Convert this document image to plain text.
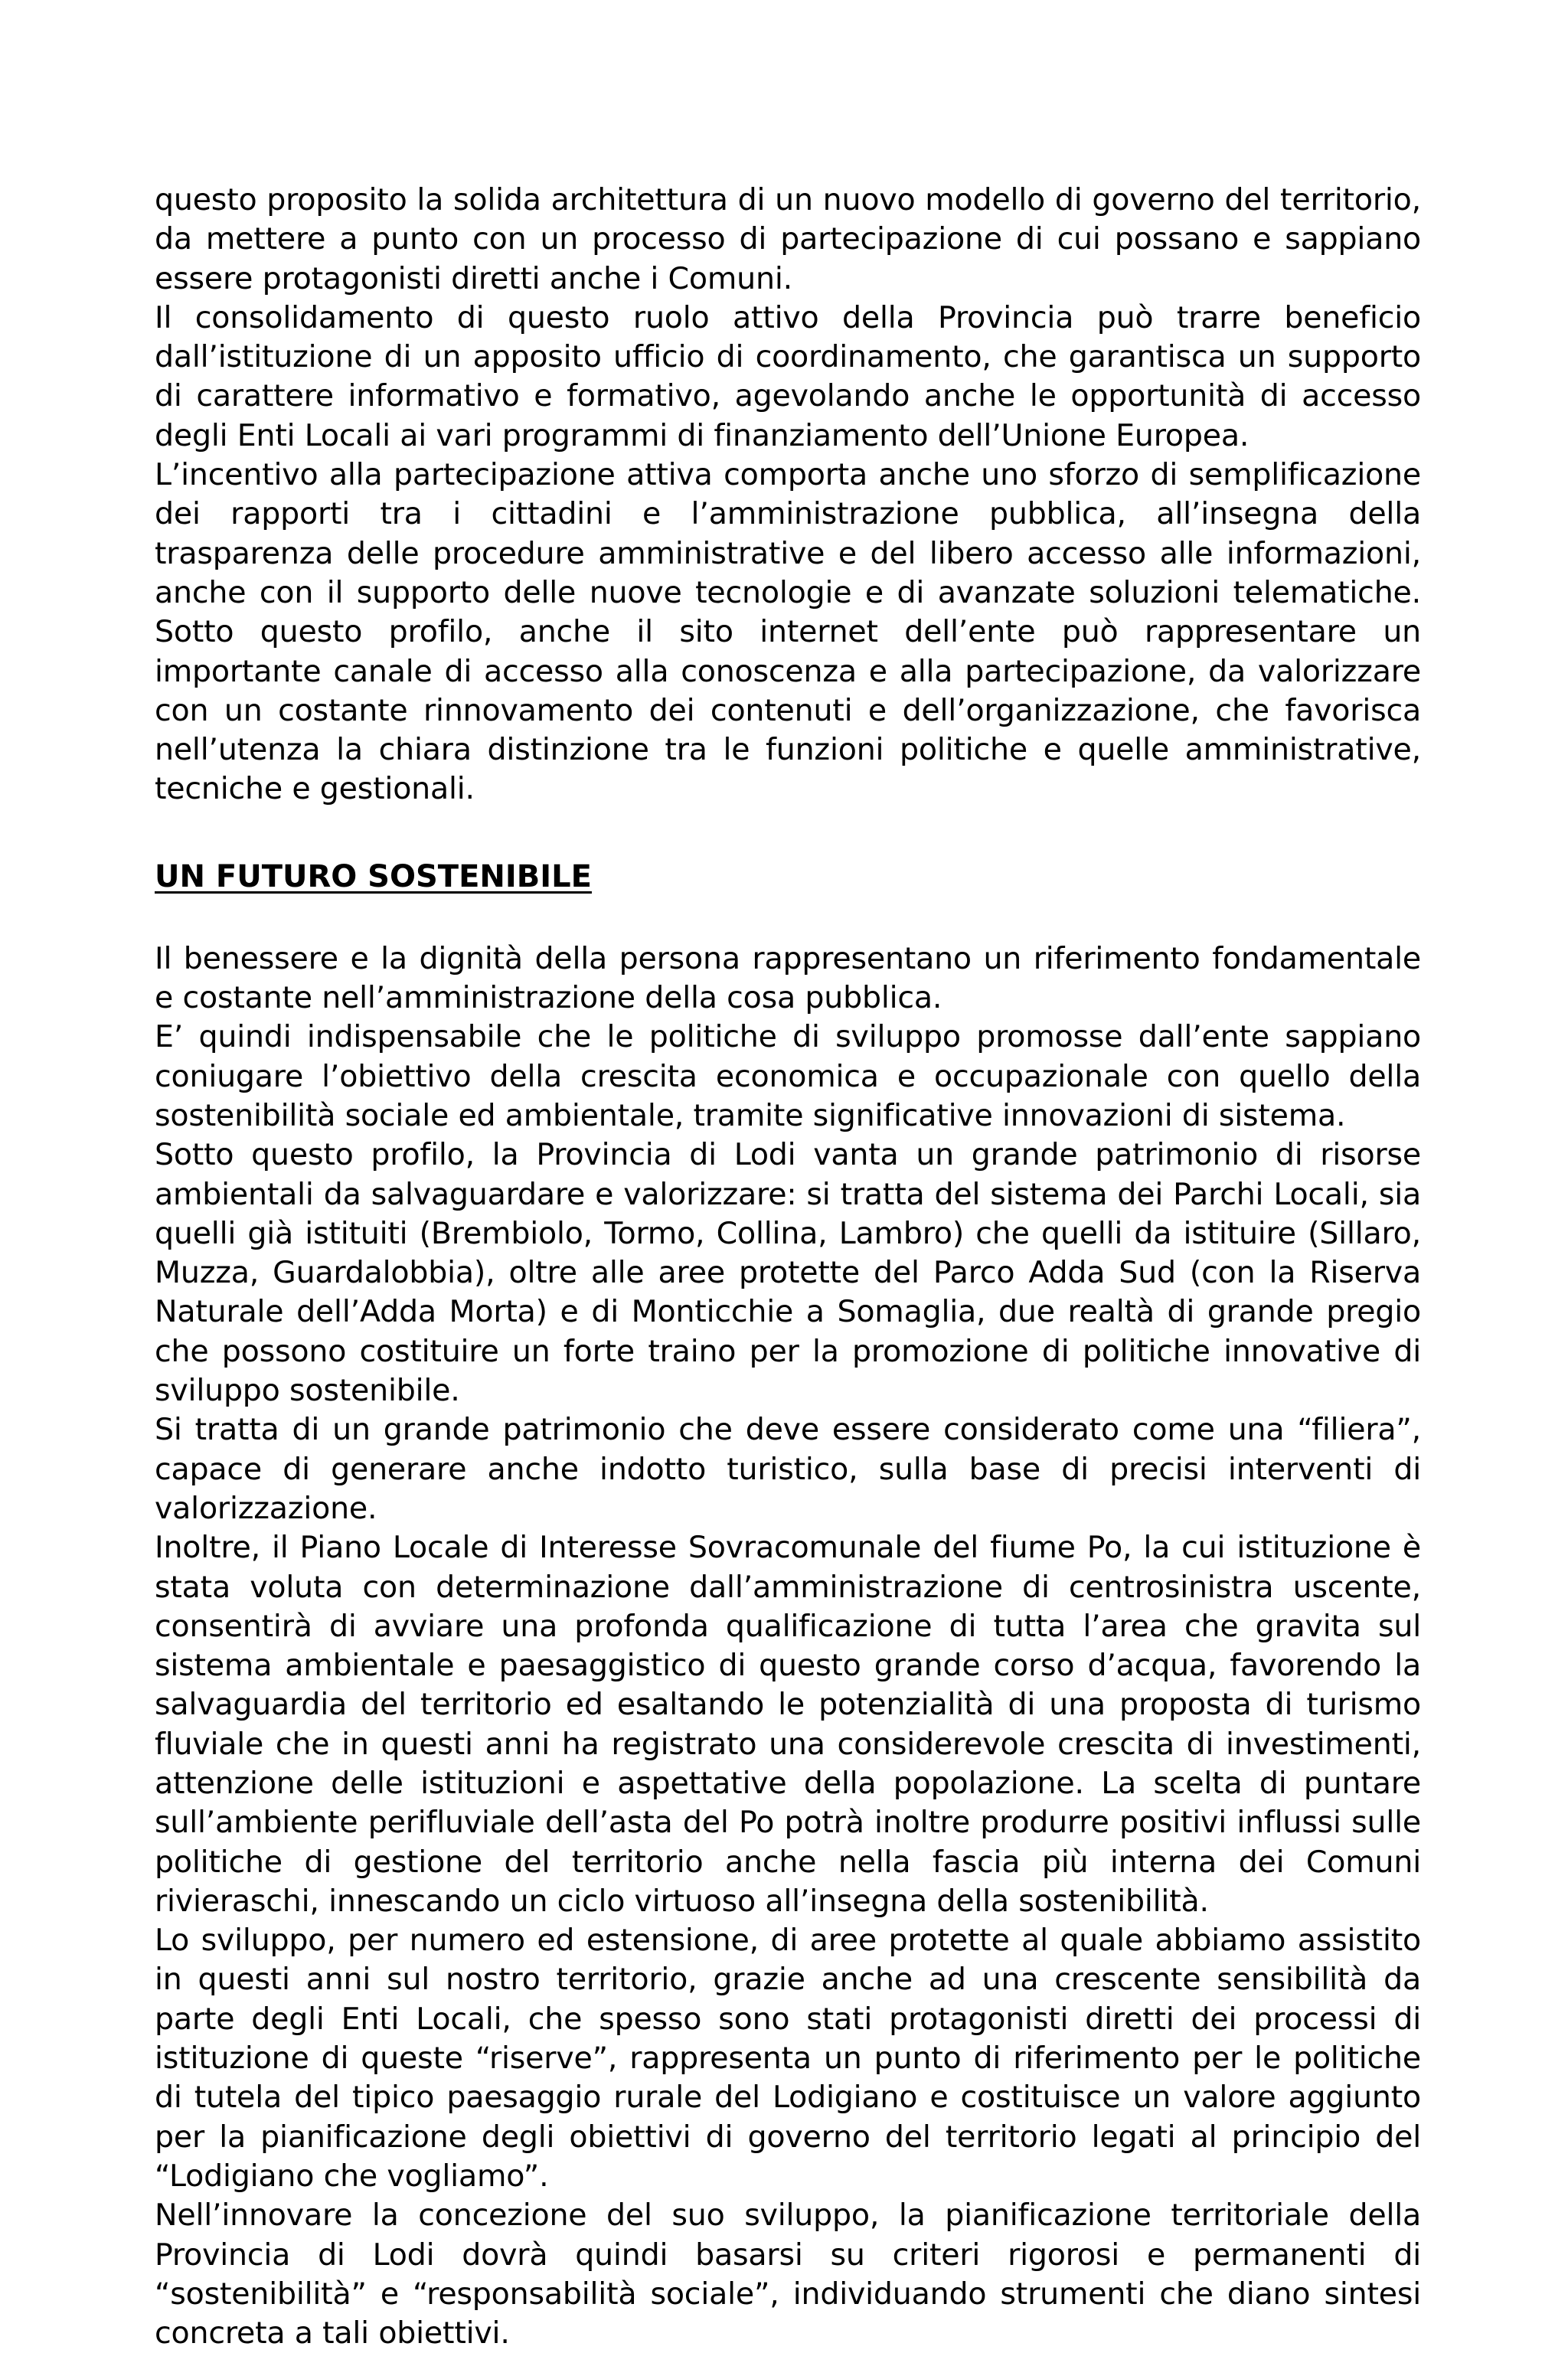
questo proposito la solida architettura di un nuovo modello di governo del territorio, da mettere a punto con un processo di partecipazione di cui possano e sappiano essere protagonisti diretti anche i Comuni.

Il consolidamento di questo ruolo attivo della Provincia può trarre beneficio dall’istituzione di un apposito ufficio di coordinamento, che garantisca un supporto di carattere informativo e formativo, agevolando anche le opportunità di accesso degli Enti Locali ai vari programmi di finanziamento dell’Unione Europea.

L’incentivo alla partecipazione attiva comporta anche uno sforzo di semplificazione dei rapporti tra i cittadini e l’amministrazione pubblica, all’insegna della trasparenza delle procedure amministrative e del libero accesso alle informazioni, anche con il supporto delle nuove tecnologie e di avanzate soluzioni telematiche. Sotto questo profilo, anche il sito internet dell’ente può rappresentare un importante canale di accesso alla conoscenza e alla partecipazione, da valorizzare con un costante rinnovamento dei contenuti e dell’organizzazione, che favorisca nell’utenza la chiara distinzione tra le funzioni politiche e quelle amministrative, tecniche e gestionali.

UN FUTURO SOSTENIBILE

Il benessere e la dignità della persona rappresentano un riferimento fondamentale e costante nell’amministrazione della cosa pubblica.

E’ quindi indispensabile che le politiche di sviluppo promosse dall’ente sappiano coniugare l’obiettivo della crescita economica e occupazionale con quello della sostenibilità sociale ed ambientale, tramite significative innovazioni di sistema.

Sotto questo profilo, la Provincia di Lodi vanta un grande patrimonio di risorse ambientali da salvaguardare e valorizzare: si tratta del sistema dei Parchi Locali, sia quelli già istituiti (Brembiolo, Tormo, Collina, Lambro) che quelli da istituire (Sillaro, Muzza, Guardalobbia), oltre alle aree protette del Parco Adda Sud (con la Riserva Naturale dell’Adda Morta) e di Monticchie a Somaglia, due realtà di grande pregio che possono costituire un forte traino per la promozione di politiche innovative di sviluppo sostenibile.

Si tratta di un grande patrimonio che deve essere considerato come una “filiera”, capace di generare anche indotto turistico, sulla base di precisi interventi di valorizzazione.

Inoltre, il Piano Locale di Interesse Sovracomunale del fiume Po, la cui istituzione è stata voluta con determinazione dall’amministrazione di centrosinistra uscente, consentirà di avviare una profonda qualificazione di tutta l’area che gravita sul sistema ambientale e paesaggistico di questo grande corso d’acqua, favorendo la salvaguardia del territorio ed esaltando le potenzialità di una proposta di turismo fluviale che in questi anni ha registrato una considerevole crescita di investimenti, attenzione delle istituzioni e aspettative della popolazione. La scelta di puntare sull’ambiente perifluviale dell’asta del Po potrà inoltre produrre positivi influssi sulle politiche di gestione del territorio anche nella fascia più interna dei Comuni rivieraschi, innescando un ciclo virtuoso all’insegna della sostenibilità.

Lo sviluppo, per numero ed estensione, di aree protette al quale abbiamo assistito in questi anni sul nostro territorio, grazie anche ad una crescente sensibilità da parte degli Enti Locali, che spesso sono stati protagonisti diretti dei processi di istituzione di queste “riserve”, rappresenta un punto di riferimento per le politiche di tutela del tipico paesaggio rurale del Lodigiano e costituisce un valore aggiunto per la pianificazione degli obiettivi di governo del territorio legati al principio del “Lodigiano che vogliamo”.

Nell’innovare la concezione del suo sviluppo, la pianificazione territoriale della Provincia di Lodi dovrà quindi basarsi su criteri rigorosi e permanenti di “sostenibilità” e “responsabilità sociale”, individuando strumenti che diano sintesi concreta a tali obiettivi.
